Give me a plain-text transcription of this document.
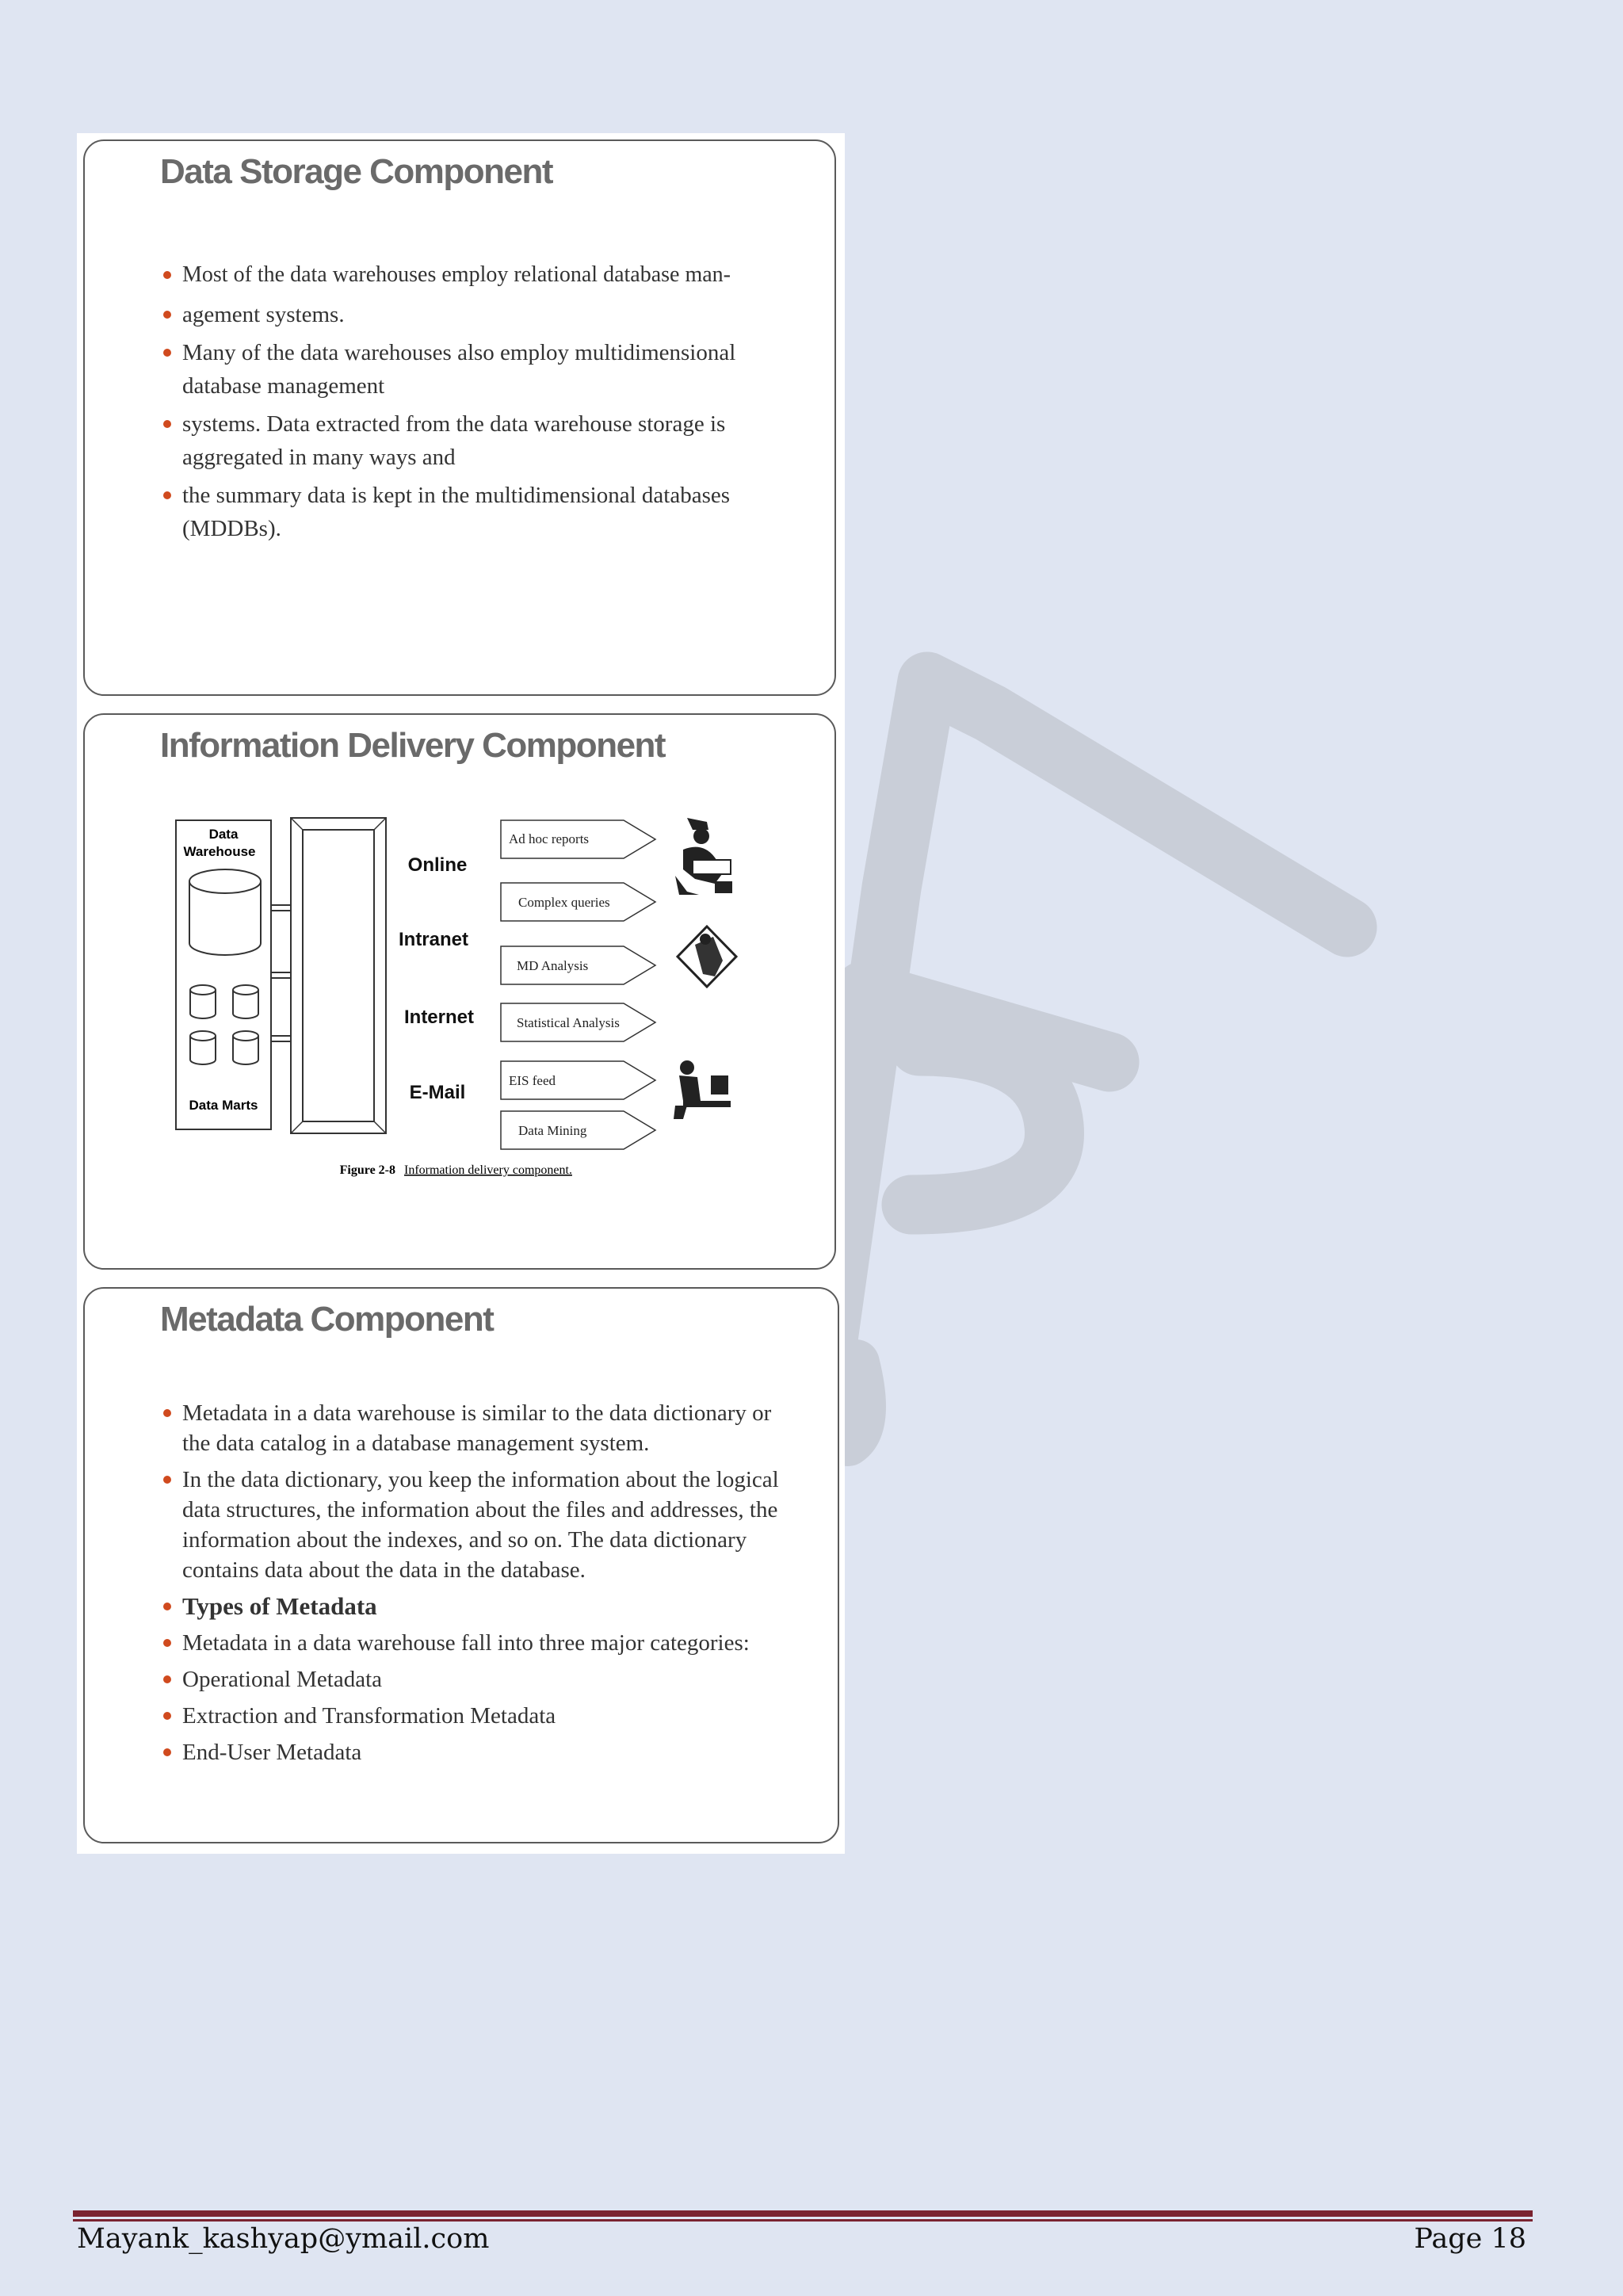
Data Storage Component
Most of the data warehouses employ relational database man-
agement systems.
Many of the data warehouses also employ multidimensional database management
systems. Data extracted from the data warehouse storage is aggregated in many ways and
the summary data is kept in the multidimensional databases (MDDBs).
Information Delivery Component
Data
Warehouse
Data Marts
Online
Intranet
Internet
E-Mail
Ad hoc reports
Complex queries
MD Analysis
Statistical Analysis
EIS feed
Data Mining
Figure 2-8 Information delivery component.
Metadata Component
Metadata in a data warehouse is similar to the data dictionary or the data catalog in a database management system.
In the data dictionary, you keep the information about the logical data structures, the information about the files and addresses, the information about the indexes, and so on. The data dictionary contains data about the data in the database.
Types of Metadata
Metadata in a data warehouse fall into three major categories:
Operational Metadata
Extraction and Transformation Metadata
End-User Metadata
Mayank_kashyap@ymail.com	Page 18
